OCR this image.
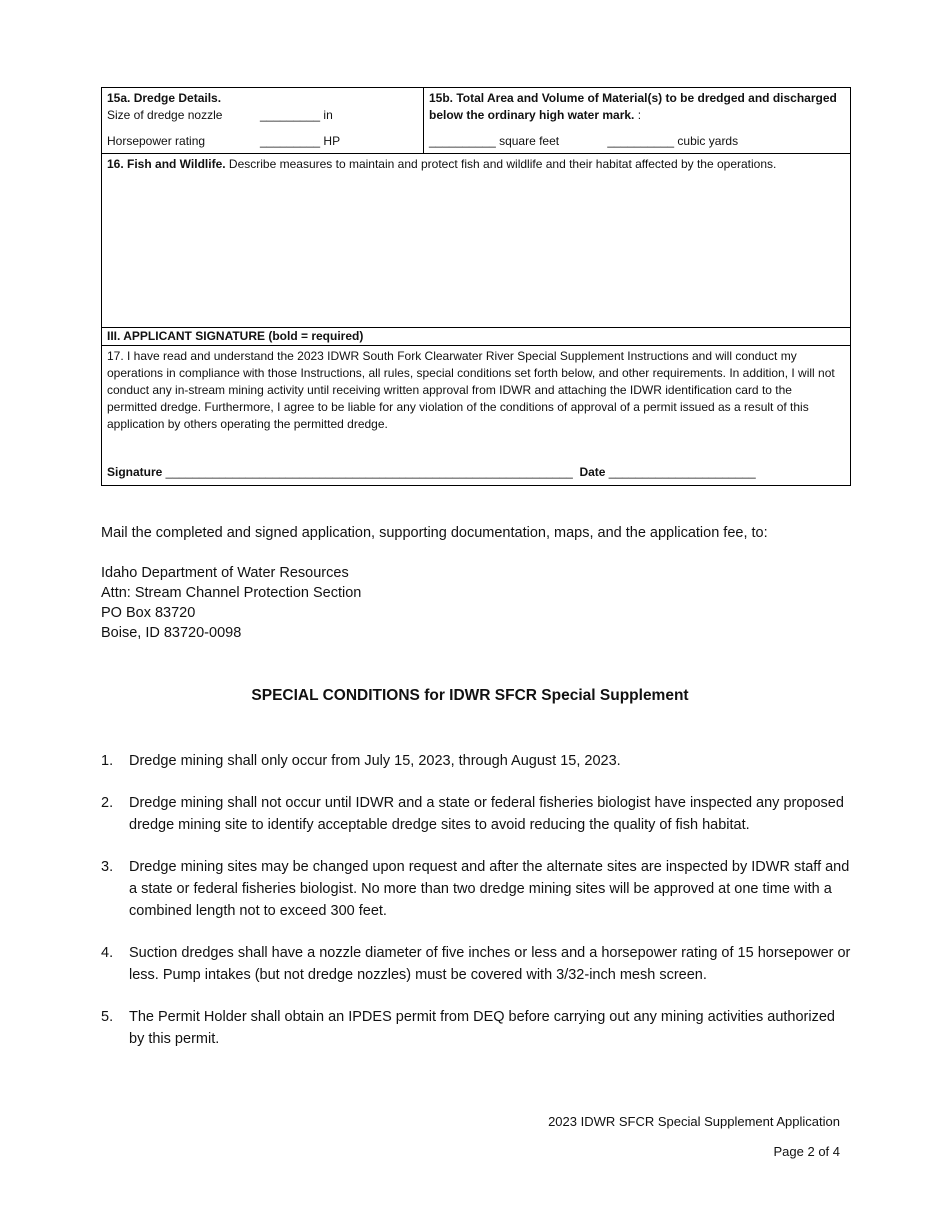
15a. Dredge Details.
Size of dredge nozzle	_________ in
Horsepower rating	_________ HP

15b. Total Area and Volume of Material(s) to be dredged and discharged below the ordinary high water mark. :
__________ square feet	__________ cubic yards

16. Fish and Wildlife. Describe measures to maintain and protect fish and wildlife and their habitat affected by the operations.
III. APPLICANT SIGNATURE (bold = required)

17. I have read and understand the 2023 IDWR South Fork Clearwater River Special Supplement Instructions and will conduct my operations in compliance with those Instructions, all rules, special conditions set forth below, and other requirements. In addition, I will not conduct any in-stream mining activity until receiving written approval from IDWR and attaching the IDWR identification card to the permitted dredge. Furthermore, I agree to be liable for any violation of the conditions of approval of a permit issued as a result of this application by others operating the permitted dredge.
Signature _____________________________________________________________  Date ______________________
Mail the completed and signed application, supporting documentation, maps, and the application fee, to:
Idaho Department of Water Resources
Attn: Stream Channel Protection Section
PO Box 83720
Boise, ID 83720-0098
SPECIAL CONDITIONS for IDWR SFCR Special Supplement
1.	Dredge mining shall only occur from July 15, 2023, through August 15, 2023.
2.	Dredge mining shall not occur until IDWR and a state or federal fisheries biologist have inspected any proposed dredge mining site to identify acceptable dredge sites to avoid reducing the quality of fish habitat.
3.	Dredge mining sites may be changed upon request and after the alternate sites are inspected by IDWR staff and a state or federal fisheries biologist. No more than two dredge mining sites will be approved at one time with a combined length not to exceed 300 feet.
4.	Suction dredges shall have a nozzle diameter of five inches or less and a horsepower rating of 15 horsepower or less. Pump intakes (but not dredge nozzles) must be covered with 3/32-inch mesh screen.
5.	The Permit Holder shall obtain an IPDES permit from DEQ before carrying out any mining activities authorized by this permit.
2023 IDWR SFCR Special Supplement Application
Page 2 of 4
